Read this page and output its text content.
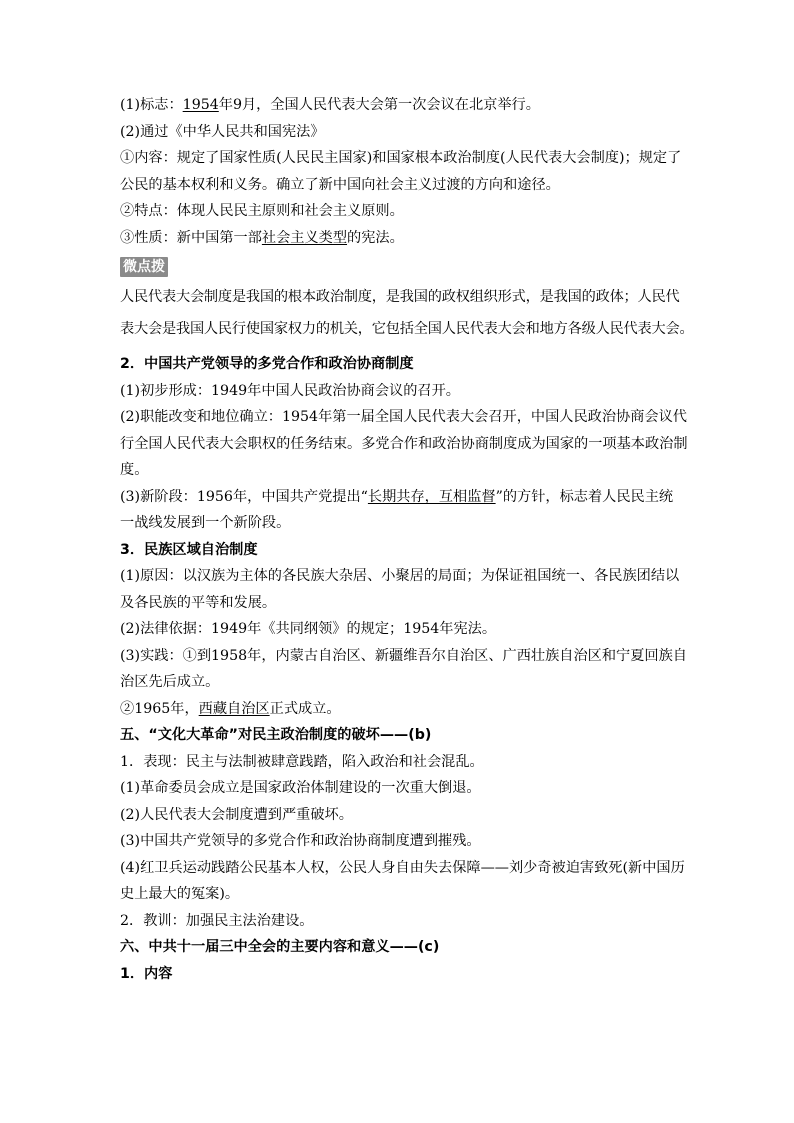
(1)标志：1954年9月，全国人民代表大会第一次会议在北京举行。

(2)通过《中华人民共和国宪法》

①内容：规定了国家性质(人民民主国家)和国家根本政治制度(人民代表大会制度)；规定了

公民的基本权利和义务。确立了新中国向社会主义过渡的方向和途径。

②特点：体现人民民主原则和社会主义原则。

③性质：新中国第一部社会主义类型的宪法。

微点拨
人民代表大会制度是我国的根本政治制度，是我国的政权组织形式，是我国的政体；人民代
表大会是我国人民行使国家权力的机关，它包括全国人民代表大会和地方各级人民代表大会。

2．中国共产党领导的多党合作和政治协商制度

(1)初步形成：1949年中国人民政治协商会议的召开。

(2)职能改变和地位确立：1954年第一届全国人民代表大会召开，中国人民政治协商会议代

行全国人民代表大会职权的任务结束。多党合作和政治协商制度成为国家的一项基本政治制

度。

(3)新阶段：1956年，中国共产党提出“长期共存，互相监督”的方针，标志着人民民主统

一战线发展到一个新阶段。

3．民族区域自治制度

(1)原因：以汉族为主体的各民族大杂居、小聚居的局面；为保证祖国统一、各民族团结以

及各民族的平等和发展。

(2)法律依据：1949年《共同纲领》的规定；1954年宪法。

(3)实践：①到1958年，内蒙古自治区、新疆维吾尔自治区、广西壮族自治区和宁夏回族自

治区先后成立。

②1965年，西藏自治区正式成立。

五、“文化大革命”对民主政治制度的破坏——(b)

1．表现：民主与法制被肆意践踏，陷入政治和社会混乱。

(1)革命委员会成立是国家政治体制建设的一次重大倒退。

(2)人民代表大会制度遭到严重破坏。

(3)中国共产党领导的多党合作和政治协商制度遭到摧残。

(4)红卫兵运动践踏公民基本人权，公民人身自由失去保障——刘少奇被迫害致死(新中国历

史上最大的冤案)。

2．教训：加强民主法治建设。

六、中共十一届三中全会的主要内容和意义——(c)

1．内容
